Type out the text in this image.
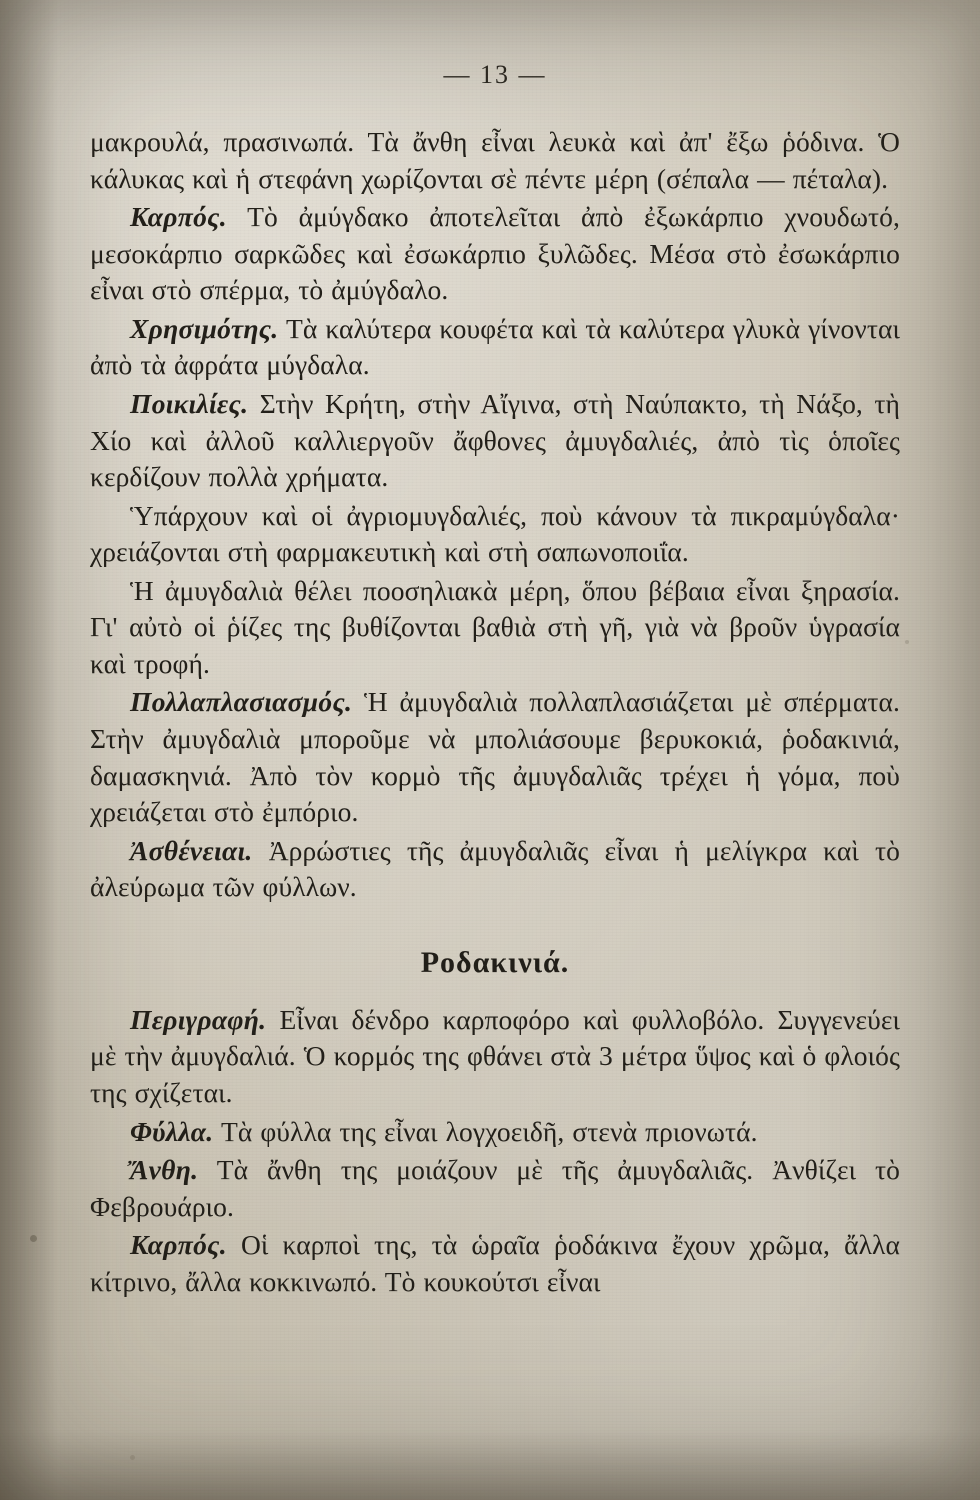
— 13 —

μακρουλά, πρασινωπά. Τὰ ἄνθη εἶναι λευκὰ καὶ ἀπ' ἔξω ῥόδινα. Ὁ κάλυκας καὶ ἡ στεφάνη χωρίζονται σὲ πέντε μέρη (σέπαλα — πέταλα).

Καρπός. Τὸ ἀμύγδακο ἀποτελεῖται ἀπὸ ἐξωκάρπιο χνουδωτό, μεσοκάρπιο σαρκῶδες καὶ ἐσωκάρπιο ξυλῶδες. Μέσα στὸ ἐσωκάρπιο εἶναι στὸ σπέρμα, τὸ ἀμύγδαλο.

Χρησιμότης. Τὰ καλύτερα κουφέτα καὶ τὰ καλύτερα γλυκὰ γίνονται ἀπὸ τὰ ἀφράτα μύγδαλα.

Ποικιλίες. Στὴν Κρήτη, στὴν Αἴγινα, στὴ Ναύπακτο, τὴ Νάξο, τὴ Χίο καὶ ἀλλοῦ καλλιεργοῦν ἄφθονες ἀμυγδαλιές, ἀπὸ τὶς ὁποῖες κερδίζουν πολλὰ χρήματα.

Ὑπάρχουν καὶ οἱ ἀγριομυγδαλιές, ποὺ κάνουν τὰ πικραμύγδαλα· χρειάζονται στὴ φαρμακευτικὴ καὶ στὴ σαπωνοποιΐα.

Ἡ ἀμυγδαλιὰ θέλει ποοσηλιακὰ μέρη, ὅπου βέβαια εἶναι ξηρασία. Γι' αὐτὸ οἱ ῥίζες της βυθίζονται βαθιὰ στὴ γῆ, γιὰ νὰ βροῦν ὑγρασία καὶ τροφή.

Πολλαπλασιασμός. Ἡ ἀμυγδαλιὰ πολλαπλασιάζεται μὲ σπέρματα. Στὴν ἀμυγδαλιὰ μποροῦμε νὰ μπολιάσουμε βερυκοκιά, ῥοδακινιά, δαμασκηνιά. Ἀπὸ τὸν κορμὸ τῆς ἀμυγδαλιᾶς τρέχει ἡ γόμα, ποὺ χρειάζεται στὸ ἐμπόριο.

Ἀσθένειαι. Ἀρρώστιες τῆς ἀμυγδαλιᾶς εἶναι ἡ μελίγκρα καὶ τὸ ἀλεύρωμα τῶν φύλλων.

Ροδακινιά.

Περιγραφή. Εἶναι δένδρο καρποφόρο καὶ φυλλοβόλο. Συγγενεύει μὲ τὴν ἀμυγδαλιά. Ὁ κορμός της φθάνει στὰ 3 μέτρα ὕψος καὶ ὁ φλοιός της σχίζεται.

Φύλλα. Τὰ φύλλα της εἶναι λογχοειδῆ, στενὰ πριονωτά.

Ἄνθη. Τὰ ἄνθη της μοιάζουν μὲ τῆς ἀμυγδαλιᾶς. Ἀνθίζει τὸ Φεβρουάριο.

Καρπός. Οἱ καρποὶ της, τὰ ὡραῖα ῥοδάκινα ἔχουν χρῶμα, ἄλλα κίτρινο, ἄλλα κοκκινωπό. Τὸ κουκούτσι εἶναι
